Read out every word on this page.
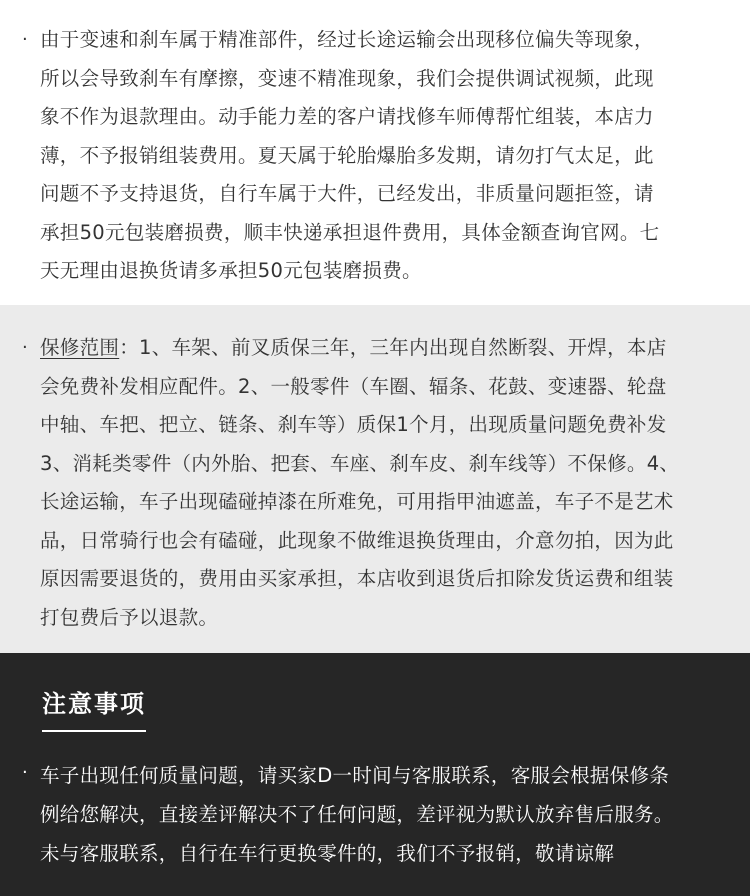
· 由于变速和刹车属于精准部件，经过长途运输会出现移位偏失等现象，
所以会导致刹车有摩擦，变速不精准现象，我们会提供调试视频，此现
象不作为退款理由。动手能力差的客户请找修车师傅帮忙组装，本店力
薄，不予报销组装费用。夏天属于轮胎爆胎多发期，请勿打气太足，此
问题不予支持退货，自行车属于大件，已经发出，非质量问题拒签，请
承担50元包装磨损费，顺丰快递承担退件费用，具体金额查询官网。七
天无理由退换货请多承担50元包装磨损费。
· 保修范围：1、车架、前叉质保三年，三年内出现自然断裂、开焊，本店
会免费补发相应配件。2、一般零件（车圈、辐条、花鼓、变速器、轮盘
中轴、车把、把立、链条、刹车等）质保1个月，出现质量问题免费补发
3、消耗类零件（内外胎、把套、车座、刹车皮、刹车线等）不保修。4、
长途运输，车子出现磕碰掉漆在所难免，可用指甲油遮盖，车子不是艺术
品，日常骑行也会有磕碰，此现象不做维退换货理由，介意勿拍，因为此
原因需要退货的，费用由买家承担，本店收到退货后扣除发货运费和组装
打包费后予以退款。
注意事项
· 车子出现任何质量问题，请买家D一时间与客服联系，客服会根据保修条
例给您解决，直接差评解决不了任何问题，差评视为默认放弃售后服务。
未与客服联系，自行在车行更换零件的，我们不予报销，敬请谅解
